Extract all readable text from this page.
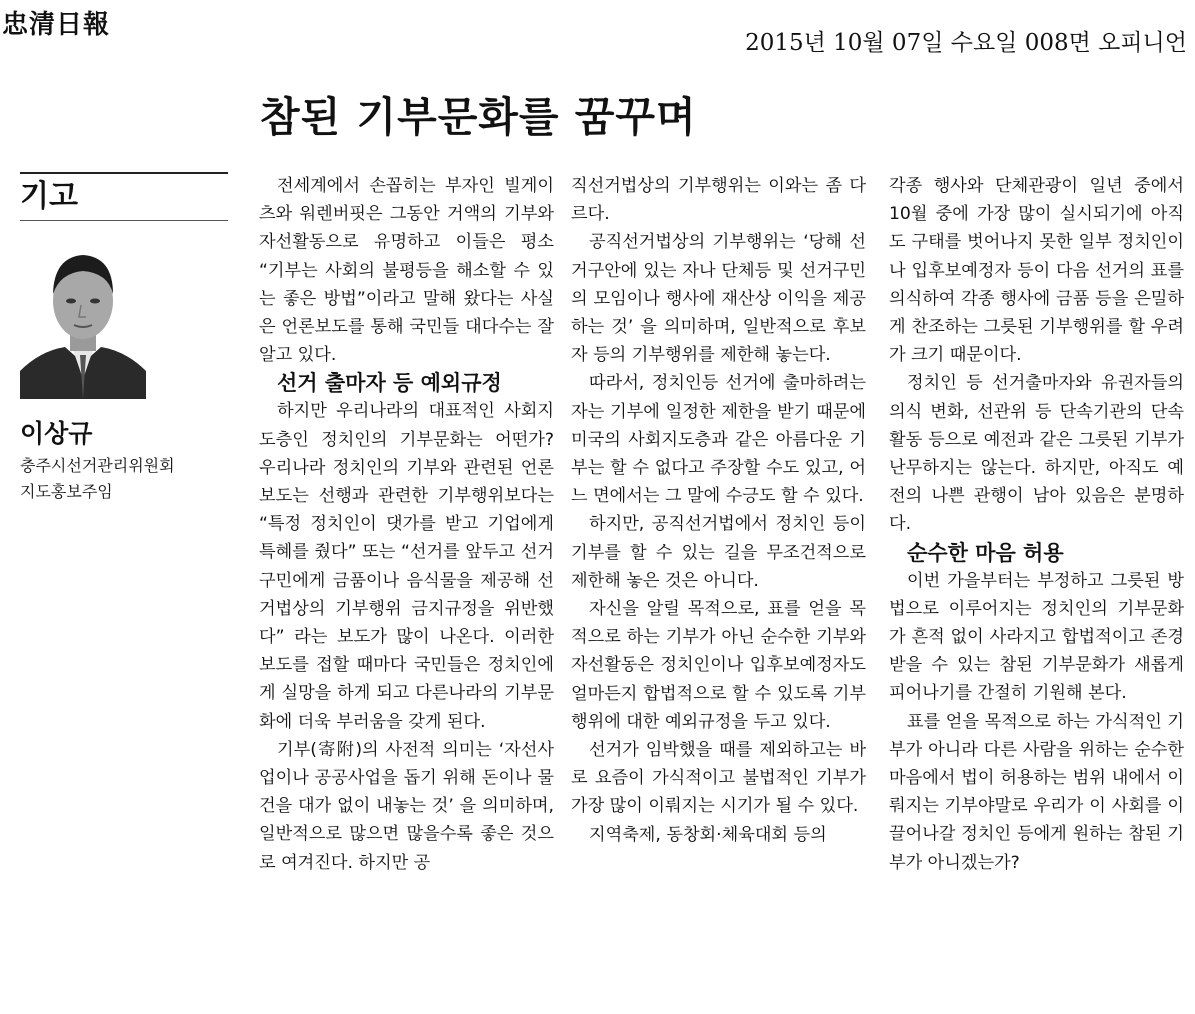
忠清日報
2015년 10월 07일 수요일 008면 오피니언
참된 기부문화를 꿈꾸며
기고
이상규
충주시선거관리위원회
지도홍보주임

전세계에서 손꼽히는 부자인 빌게이츠와 워렌버핏은 그동안 거액의 기부와 자선활동으로 유명하고 이들은 평소 “기부는 사회의 불평등을 해소할 수 있는 좋은 방법”이라고 말해 왔다는 사실은 언론보도를 통해 국민들 대다수는 잘 알고 있다.

선거 출마자 등 예외규정

하지만 우리나라의 대표적인 사회지도층인 정치인의 기부문화는 어떤가? 우리나라 정치인의 기부와 관련된 언론보도는 선행과 관련한 기부행위보다는 “특정 정치인이 댓가를 받고 기업에게 특혜를 줬다” 또는 “선거를 앞두고 선거구민에게 금품이나 음식물을 제공해 선거법상의 기부행위 금지규정을 위반했다” 라는 보도가 많이 나온다. 이러한 보도를 접할 때마다 국민들은 정치인에게 실망을 하게 되고 다른나라의 기부문화에 더욱 부러움을 갖게 된다.

기부(寄附)의 사전적 의미는 ‘자선사업이나 공공사업을 돕기 위해 돈이나 물건을 대가 없이 내놓는 것’ 을 의미하며, 일반적으로 많으면 많을수록 좋은 것으로 여겨진다. 하지만 공

직선거법상의 기부행위는 이와는 좀 다르다.

공직선거법상의 기부행위는 ‘당해 선거구안에 있는 자나 단체등 및 선거구민의 모임이나 행사에 재산상 이익을 제공하는 것’ 을 의미하며, 일반적으로 후보자 등의 기부행위를 제한해 놓는다.

따라서, 정치인등 선거에 출마하려는 자는 기부에 일정한 제한을 받기 때문에 미국의 사회지도층과 같은 아름다운 기부는 할 수 없다고 주장할 수도 있고, 어느 면에서는 그 말에 수긍도 할 수 있다.

하지만, 공직선거법에서 정치인 등이 기부를 할 수 있는 길을 무조건적으로 제한해 놓은 것은 아니다.

자신을 알릴 목적으로, 표를 얻을 목적으로 하는 기부가 아닌 순수한 기부와 자선활동은 정치인이나 입후보예정자도 얼마든지 합법적으로 할 수 있도록 기부행위에 대한 예외규정을 두고 있다.

선거가 임박했을 때를 제외하고는 바로 요즘이 가식적이고 불법적인 기부가 가장 많이 이뤄지는 시기가 될 수 있다.

지역축제, 동창회·체육대회 등의

각종 행사와 단체관광이 일년 중에서 10월 중에 가장 많이 실시되기에 아직도 구태를 벗어나지 못한 일부 정치인이나 입후보예정자 등이 다음 선거의 표를 의식하여 각종 행사에 금품 등을 은밀하게 찬조하는 그릇된 기부행위를 할 우려가 크기 때문이다.

정치인 등 선거출마자와 유권자들의 의식 변화, 선관위 등 단속기관의 단속활동 등으로 예전과 같은 그릇된 기부가 난무하지는 않는다. 하지만, 아직도 예전의 나쁜 관행이 남아 있음은 분명하다.

순수한 마음 허용

이번 가을부터는 부정하고 그릇된 방법으로 이루어지는 정치인의 기부문화가 흔적 없이 사라지고 합법적이고 존경받을 수 있는 참된 기부문화가 새롭게 피어나기를 간절히 기원해 본다.

표를 얻을 목적으로 하는 가식적인 기부가 아니라 다른 사람을 위하는 순수한 마음에서 법이 허용하는 범위 내에서 이뤄지는 기부야말로 우리가 이 사회를 이끌어나갈 정치인 등에게 원하는 참된 기부가 아니겠는가?
